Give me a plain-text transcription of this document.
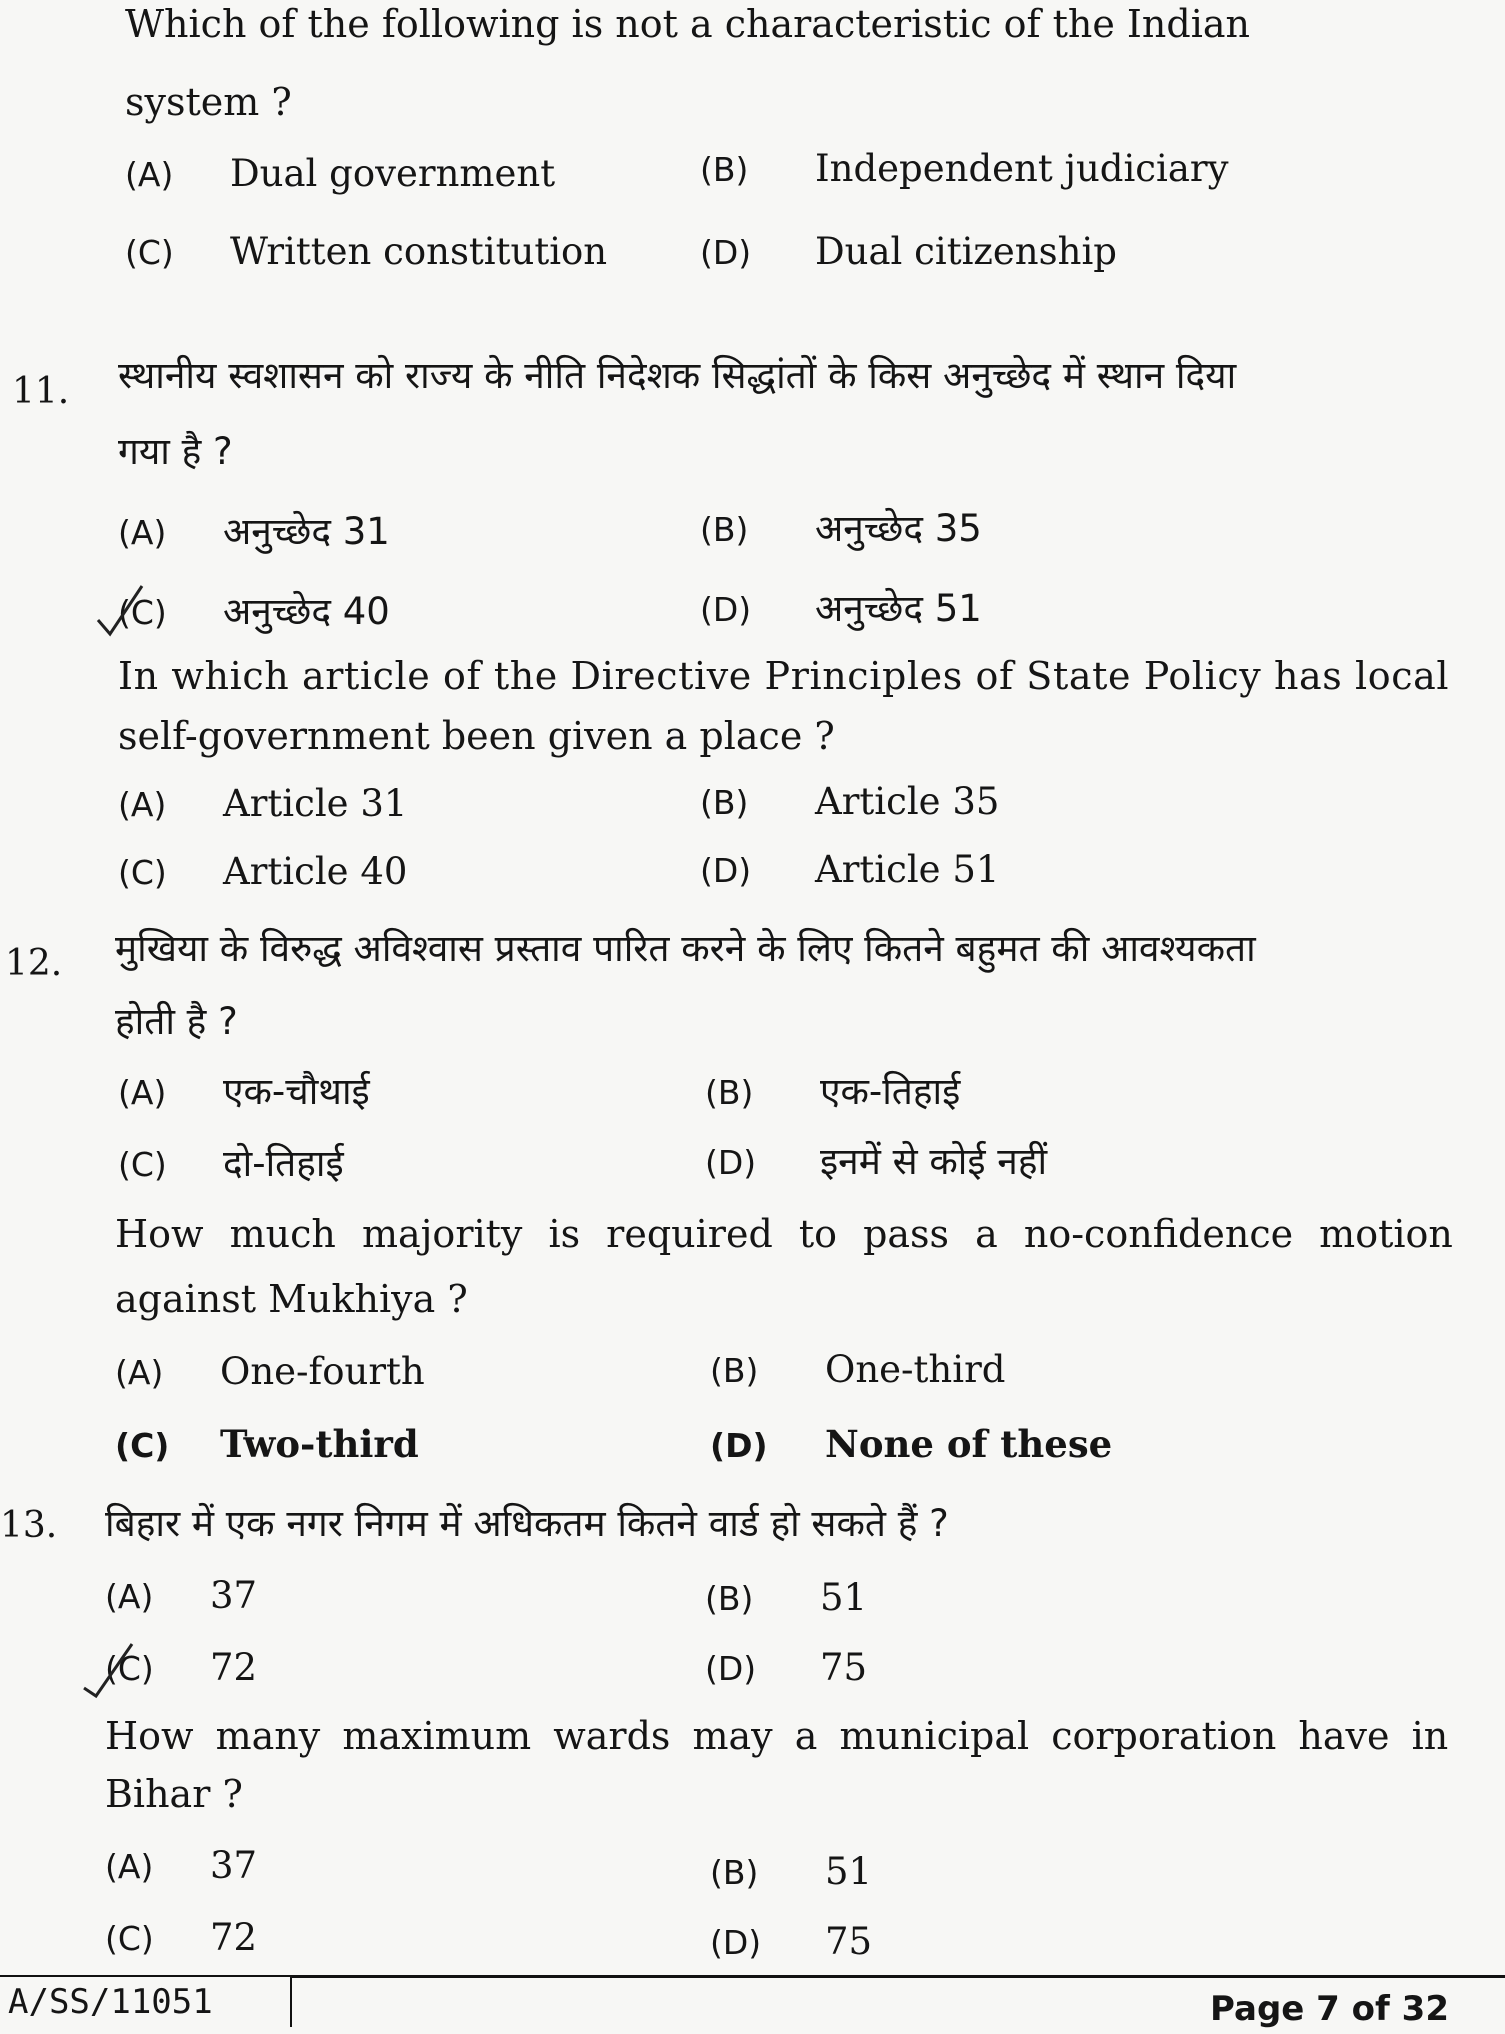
Which of the following is not a characteristic of the Indian
system ?
(A) Dual government	(B) Independent judiciary
(C) Written constitution	(D) Dual citizenship
11. स्थानीय स्वशासन को राज्य के नीति निदेशक सिद्धांतों के किस अनुच्छेद में स्थान दिया
गया है ?
(A) अनुच्छेद 31	(B) अनुच्छेद 35
(C) अनुच्छेद 40	(D) अनुच्छेद 51
In which article of the Directive Principles of State Policy has local
self-government been given a place ?
(A) Article 31	(B) Article 35
(C) Article 40	(D) Article 51
12. मुखिया के विरुद्ध अविश्वास प्रस्ताव पारित करने के लिए कितने बहुमत की आवश्यकता
होती है ?
(A) एक-चौथाई	(B) एक-तिहाई
(C) दो-तिहाई	(D) इनमें से कोई नहीं
How much majority is required to pass a no-confidence motion
against Mukhiya ?
(A) One-fourth	(B) One-third
(C) Two-third	(D) None of these
13. बिहार में एक नगर निगम में अधिकतम कितने वार्ड हो सकते हैं ?
(A) 37	(B) 51
(C) 72	(D) 75
How many maximum wards may a municipal corporation have in
Bihar ?
(A) 37	(B) 51
(C) 72	(D) 75
A/SS/11051	Page 7 of 32
